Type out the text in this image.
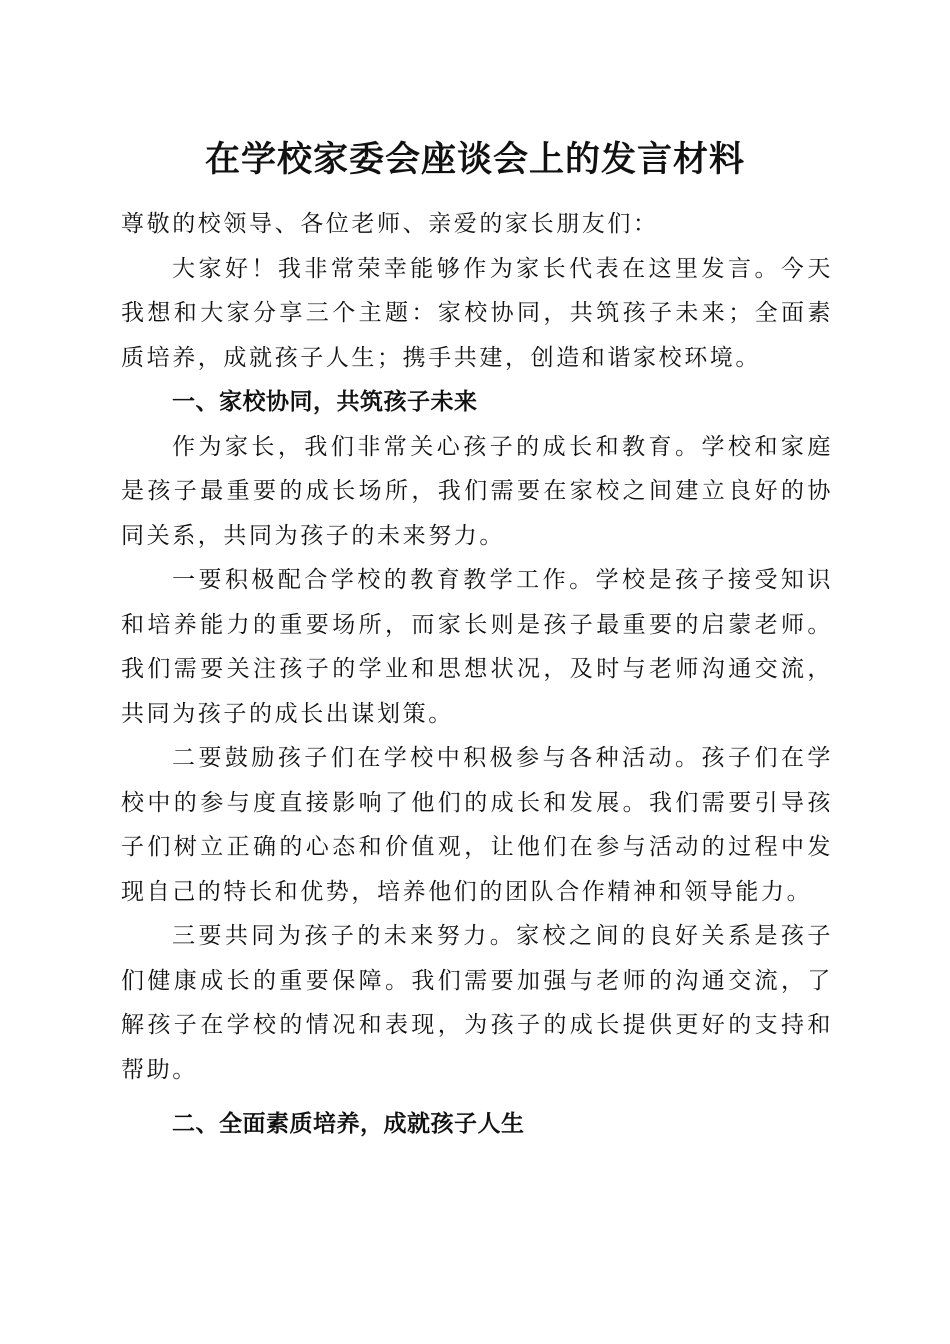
在学校家委会座谈会上的发言材料

尊敬的校领导、各位老师、亲爱的家长朋友们：

大家好！我非常荣幸能够作为家长代表在这里发言。今天我想和大家分享三个主题：家校协同，共筑孩子未来；全面素质培养，成就孩子人生；携手共建，创造和谐家校环境。

一、家校协同，共筑孩子未来

作为家长，我们非常关心孩子的成长和教育。学校和家庭是孩子最重要的成长场所，我们需要在家校之间建立良好的协同关系，共同为孩子的未来努力。

一要积极配合学校的教育教学工作。学校是孩子接受知识和培养能力的重要场所，而家长则是孩子最重要的启蒙老师。我们需要关注孩子的学业和思想状况，及时与老师沟通交流，共同为孩子的成长出谋划策。

二要鼓励孩子们在学校中积极参与各种活动。孩子们在学校中的参与度直接影响了他们的成长和发展。我们需要引导孩子们树立正确的心态和价值观，让他们在参与活动的过程中发现自己的特长和优势，培养他们的团队合作精神和领导能力。

三要共同为孩子的未来努力。家校之间的良好关系是孩子们健康成长的重要保障。我们需要加强与老师的沟通交流，了解孩子在学校的情况和表现，为孩子的成长提供更好的支持和帮助。

二、全面素质培养，成就孩子人生
